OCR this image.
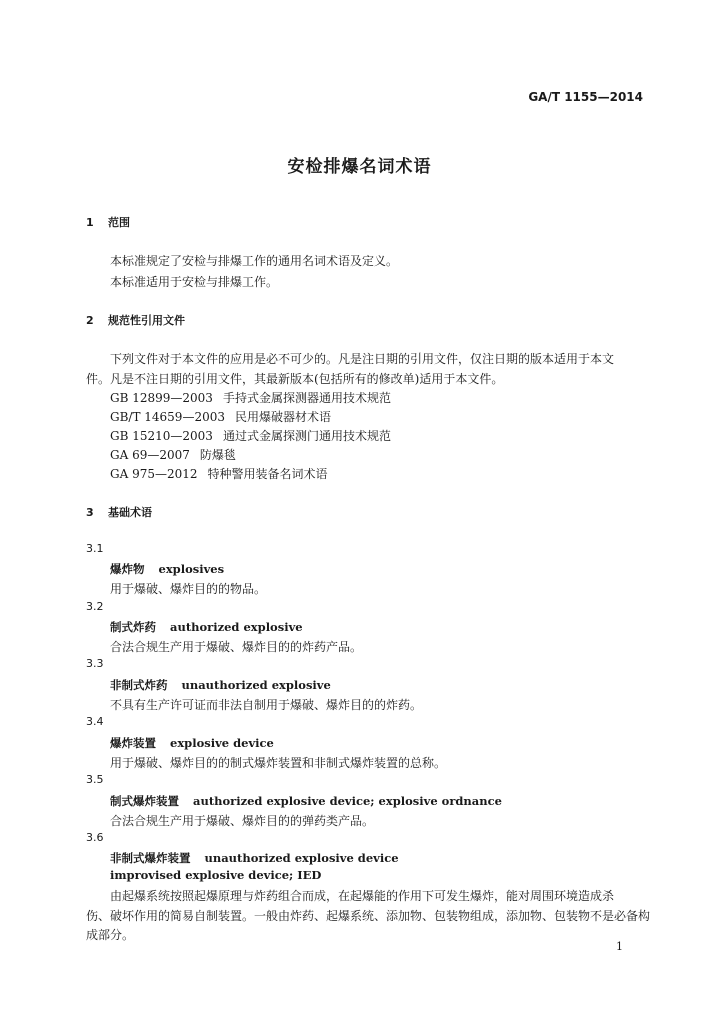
GA/T 1155—2014
安检排爆名词术语
1 范围
本标准规定了安检与排爆工作的通用名词术语及定义。
本标准适用于安检与排爆工作。
2 规范性引用文件
下列文件对于本文件的应用是必不可少的。凡是注日期的引用文件，仅注日期的版本适用于本文
件。凡是不注日期的引用文件，其最新版本(包括所有的修改单)适用于本文件。
GB 12899—2003 手持式金属探测器通用技术规范
GB/T 14659—2003 民用爆破器材术语
GB 15210—2003 通过式金属探测门通用技术规范
GA 69—2007 防爆毯
GA 975—2012 特种警用装备名词术语
3 基础术语
3.1
爆炸物 explosives
用于爆破、爆炸目的的物品。
3.2
制式炸药 authorized explosive
合法合规生产用于爆破、爆炸目的的炸药产品。
3.3
非制式炸药 unauthorized explosive
不具有生产许可证而非法自制用于爆破、爆炸目的的炸药。
3.4
爆炸装置 explosive device
用于爆破、爆炸目的的制式爆炸装置和非制式爆炸装置的总称。
3.5
制式爆炸装置 authorized explosive device; explosive ordnance
合法合规生产用于爆破、爆炸目的的弹药类产品。
3.6
非制式爆炸装置 unauthorized explosive device
improvised explosive device; IED
由起爆系统按照起爆原理与炸药组合而成，在起爆能的作用下可发生爆炸，能对周围环境造成杀
伤、破坏作用的简易自制装置。一般由炸药、起爆系统、添加物、包装物组成，添加物、包装物不是必备构
成部分。
1
